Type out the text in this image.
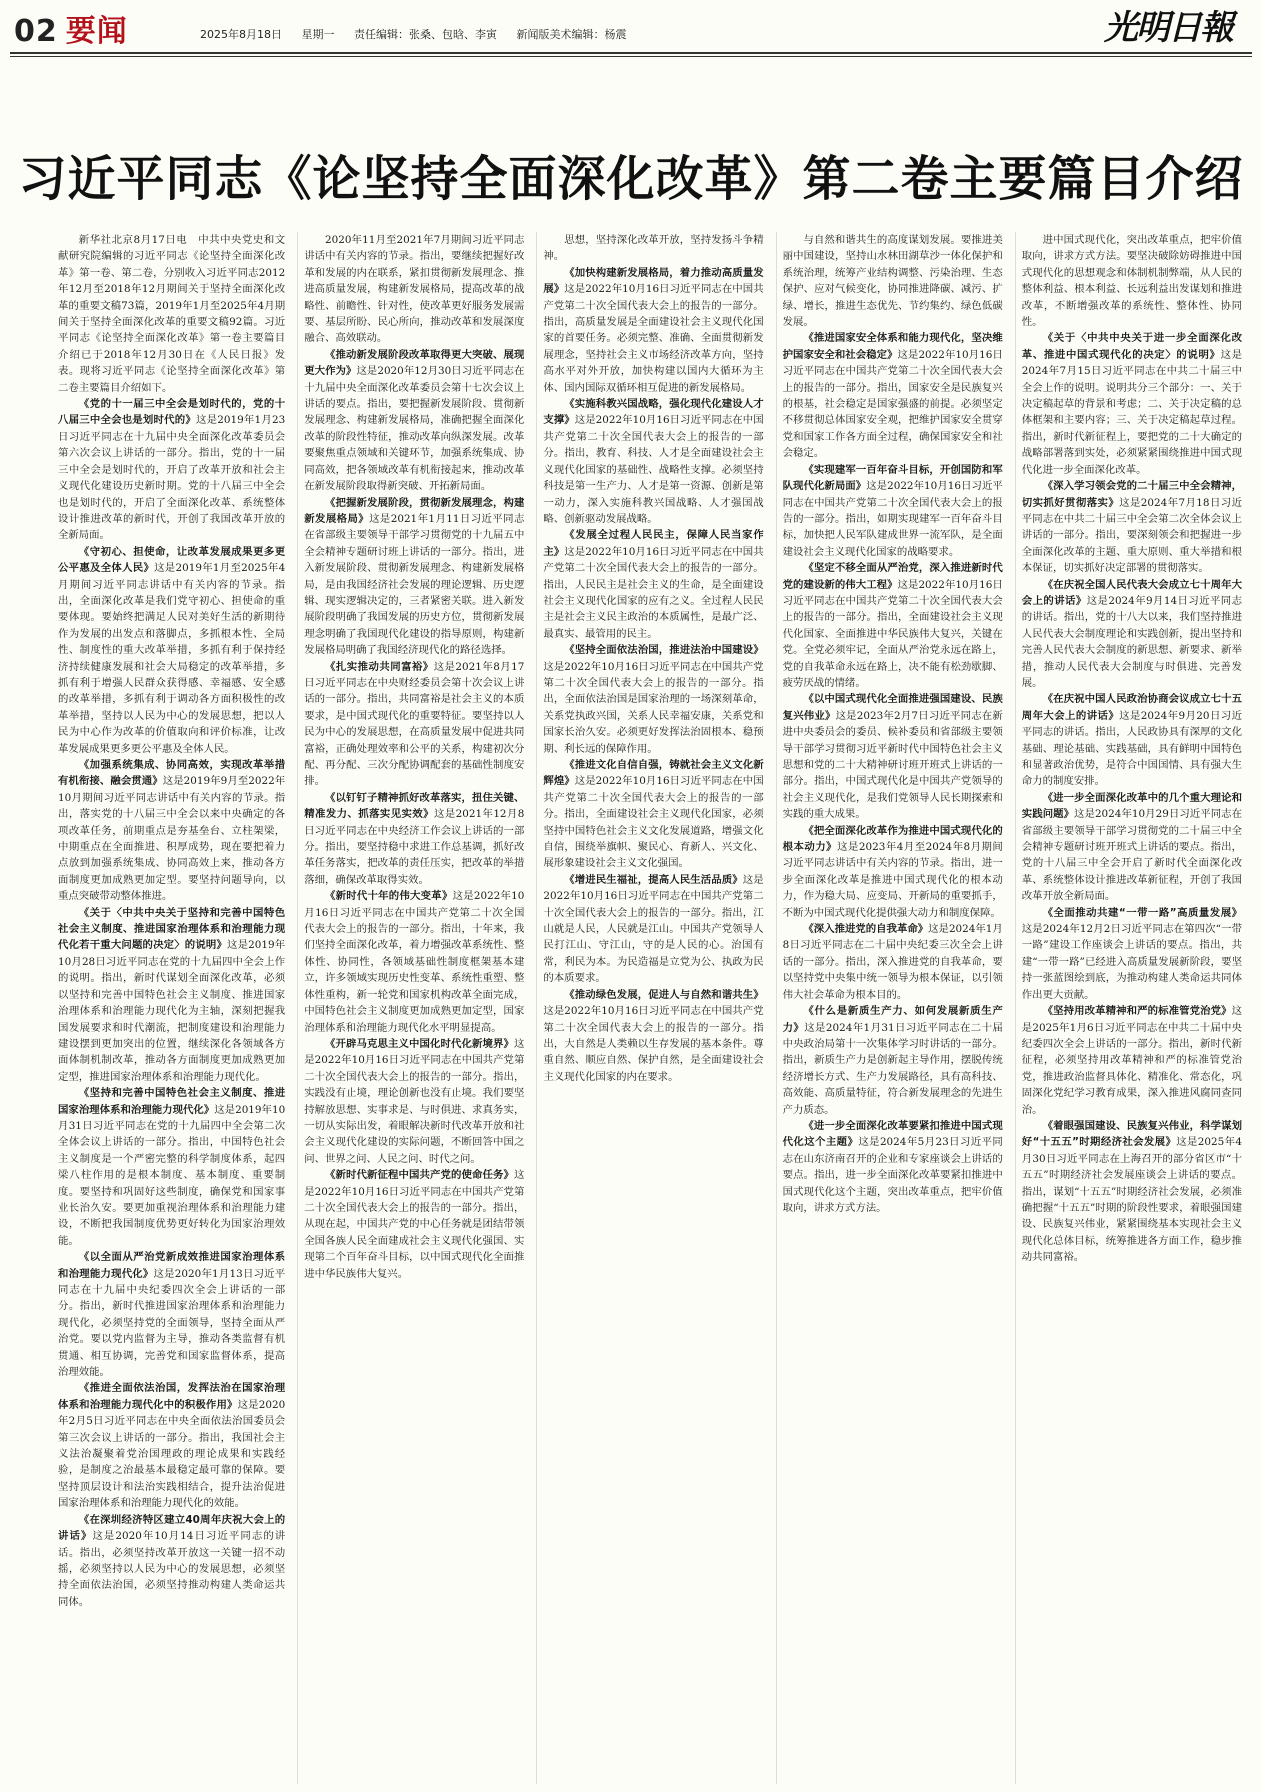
02 要闻	2025年8月18日 星期一 责任编辑：张桑、包晗、李寅 新闻版美术编辑：杨震	光明日報
习近平同志《论坚持全面深化改革》第二卷主要篇目介绍

新华社北京8月17日电　中共中央党史和文献研究院编辑的习近平同志《论坚持全面深化改革》第一卷、第二卷，分别收入习近平同志2012年12月至2018年12月期间关于坚持全面深化改革的重要文稿73篇，2019年1月至2025年4月期间关于坚持全面深化改革的重要文稿92篇。习近平同志《论坚持全面深化改革》第一卷主要篇目介绍已于2018年12月30日在《人民日报》发表。现将习近平同志《论坚持全面深化改革》第二卷主要篇目介绍如下。

《党的十一届三中全会是划时代的，党的十八届三中全会也是划时代的》这是2019年1月23日习近平同志在十九届中央全面深化改革委员会第六次会议上讲话的一部分。指出，党的十一届三中全会是划时代的，开启了改革开放和社会主义现代化建设历史新时期。党的十八届三中全会也是划时代的，开启了全面深化改革、系统整体设计推进改革的新时代，开创了我国改革开放的全新局面。

《守初心、担使命，让改革发展成果更多更公平惠及全体人民》这是2019年1月至2025年4月期间习近平同志讲话中有关内容的节录。指出，全面深化改革是我们党守初心、担使命的重要体现。要始终把满足人民对美好生活的新期待作为发展的出发点和落脚点，多抓根本性、全局性、制度性的重大改革举措，多抓有利于保持经济持续健康发展和社会大局稳定的改革举措，多抓有利于增强人民群众获得感、幸福感、安全感的改革举措，多抓有利于调动各方面积极性的改革举措，坚持以人民为中心的发展思想，把以人民为中心作为改革的价值取向和评价标准，让改革发展成果更多更公平惠及全体人民。

《加强系统集成、协同高效，实现改革举措有机衔接、融会贯通》这是2019年9月至2022年10月期间习近平同志讲话中有关内容的节录。指出，落实党的十八届三中全会以来中央确定的各项改革任务，前期重点是夯基垒台、立柱架梁，中期重点在全面推进、积厚成势，现在要把着力点放到加强系统集成、协同高效上来，推动各方面制度更加成熟更加定型。要坚持问题导向，以重点突破带动整体推进。

《关于〈中共中央关于坚持和完善中国特色社会主义制度、推进国家治理体系和治理能力现代化若干重大问题的决定〉的说明》这是2019年10月28日习近平同志在党的十九届四中全会上作的说明。指出，新时代谋划全面深化改革，必须以坚持和完善中国特色社会主义制度、推进国家治理体系和治理能力现代化为主轴，深刻把握我国发展要求和时代潮流，把制度建设和治理能力建设摆到更加突出的位置，继续深化各领域各方面体制机制改革，推动各方面制度更加成熟更加定型，推进国家治理体系和治理能力现代化。

《坚持和完善中国特色社会主义制度、推进国家治理体系和治理能力现代化》这是2019年10月31日习近平同志在党的十九届四中全会第二次全体会议上讲话的一部分。指出，中国特色社会主义制度是一个严密完整的科学制度体系，起四梁八柱作用的是根本制度、基本制度、重要制度。要坚持和巩固好这些制度，确保党和国家事业长治久安。要更加重视治理体系和治理能力建设，不断把我国制度优势更好转化为国家治理效能。

《以全面从严治党新成效推进国家治理体系和治理能力现代化》这是2020年1月13日习近平同志在十九届中央纪委四次全会上讲话的一部分。指出，新时代推进国家治理体系和治理能力现代化，必须坚持党的全面领导，坚持全面从严治党。要以党内监督为主导，推动各类监督有机贯通、相互协调，完善党和国家监督体系，提高治理效能。

《推进全面依法治国，发挥法治在国家治理体系和治理能力现代化中的积极作用》这是2020年2月5日习近平同志在中央全面依法治国委员会第三次会议上讲话的一部分。指出，我国社会主义法治凝聚着党治国理政的理论成果和实践经验，是制度之治最基本最稳定最可靠的保障。要坚持顶层设计和法治实践相结合，提升法治促进国家治理体系和治理能力现代化的效能。

《在深圳经济特区建立40周年庆祝大会上的讲话》这是2020年10月14日习近平同志的讲话。指出，必须坚持改革开放这一关键一招不动摇，必须坚持以人民为中心的发展思想，必须坚持全面依法治国，必须坚持推动构建人类命运共同体。

2020年11月至2021年7月期间习近平同志讲话中有关内容的节录。指出，要继续把握好改革和发展的内在联系，紧扣贯彻新发展理念、推进高质量发展，构建新发展格局，提高改革的战略性、前瞻性、针对性，使改革更好服务发展需要、基层所盼、民心所向，推动改革和发展深度融合、高效联动。

《推动新发展阶段改革取得更大突破、展现更大作为》这是2020年12月30日习近平同志在十九届中央全面深化改革委员会第十七次会议上讲话的要点。指出，要把握新发展阶段、贯彻新发展理念、构建新发展格局，准确把握全面深化改革的阶段性特征，推动改革向纵深发展。改革要聚焦重点领域和关键环节，加强系统集成、协同高效，把各领域改革有机衔接起来，推动改革在新发展阶段取得新突破、开拓新局面。

《把握新发展阶段，贯彻新发展理念，构建新发展格局》这是2021年1月11日习近平同志在省部级主要领导干部学习贯彻党的十九届五中全会精神专题研讨班上讲话的一部分。指出，进入新发展阶段、贯彻新发展理念、构建新发展格局，是由我国经济社会发展的理论逻辑、历史逻辑、现实逻辑决定的，三者紧密关联。进入新发展阶段明确了我国发展的历史方位，贯彻新发展理念明确了我国现代化建设的指导原则，构建新发展格局明确了我国经济现代化的路径选择。

《扎实推动共同富裕》这是2021年8月17日习近平同志在中央财经委员会第十次会议上讲话的一部分。指出，共同富裕是社会主义的本质要求，是中国式现代化的重要特征。要坚持以人民为中心的发展思想，在高质量发展中促进共同富裕，正确处理效率和公平的关系，构建初次分配、再分配、三次分配协调配套的基础性制度安排。

《以钉钉子精神抓好改革落实，扭住关键、精准发力、抓落实见实效》这是2021年12月8日习近平同志在中央经济工作会议上讲话的一部分。指出，要坚持稳中求进工作总基调，抓好改革任务落实，把改革的责任压实，把改革的举措落细，确保改革取得实效。

《新时代十年的伟大变革》这是2022年10月16日习近平同志在中国共产党第二十次全国代表大会上的报告的一部分。指出，十年来，我们坚持全面深化改革，着力增强改革系统性、整体性、协同性，各领域基础性制度框架基本建立，许多领域实现历史性变革、系统性重塑、整体性重构，新一轮党和国家机构改革全面完成，中国特色社会主义制度更加成熟更加定型，国家治理体系和治理能力现代化水平明显提高。

《开辟马克思主义中国化时代化新境界》这是2022年10月16日习近平同志在中国共产党第二十次全国代表大会上的报告的一部分。指出，实践没有止境，理论创新也没有止境。我们要坚持解放思想、实事求是、与时俱进、求真务实，一切从实际出发，着眼解决新时代改革开放和社会主义现代化建设的实际问题，不断回答中国之问、世界之问、人民之问、时代之问。

《新时代新征程中国共产党的使命任务》这是2022年10月16日习近平同志在中国共产党第二十次全国代表大会上的报告的一部分。指出，从现在起，中国共产党的中心任务就是团结带领全国各族人民全面建成社会主义现代化强国、实现第二个百年奋斗目标，以中国式现代化全面推进中华民族伟大复兴。

思想，坚持深化改革开放，坚持发扬斗争精神。

《加快构建新发展格局，着力推动高质量发展》这是2022年10月16日习近平同志在中国共产党第二十次全国代表大会上的报告的一部分。指出，高质量发展是全面建设社会主义现代化国家的首要任务。必须完整、准确、全面贯彻新发展理念，坚持社会主义市场经济改革方向，坚持高水平对外开放，加快构建以国内大循环为主体、国内国际双循环相互促进的新发展格局。

《实施科教兴国战略，强化现代化建设人才支撑》这是2022年10月16日习近平同志在中国共产党第二十次全国代表大会上的报告的一部分。指出，教育、科技、人才是全面建设社会主义现代化国家的基础性、战略性支撑。必须坚持科技是第一生产力、人才是第一资源、创新是第一动力，深入实施科教兴国战略、人才强国战略、创新驱动发展战略。

《发展全过程人民民主，保障人民当家作主》这是2022年10月16日习近平同志在中国共产党第二十次全国代表大会上的报告的一部分。指出，人民民主是社会主义的生命，是全面建设社会主义现代化国家的应有之义。全过程人民民主是社会主义民主政治的本质属性，是最广泛、最真实、最管用的民主。

《坚持全面依法治国，推进法治中国建设》这是2022年10月16日习近平同志在中国共产党第二十次全国代表大会上的报告的一部分。指出，全面依法治国是国家治理的一场深刻革命，关系党执政兴国，关系人民幸福安康，关系党和国家长治久安。必须更好发挥法治固根本、稳预期、利长远的保障作用。

《推进文化自信自强，铸就社会主义文化新辉煌》这是2022年10月16日习近平同志在中国共产党第二十次全国代表大会上的报告的一部分。指出，全面建设社会主义现代化国家，必须坚持中国特色社会主义文化发展道路，增强文化自信，围绕举旗帜、聚民心、育新人、兴文化、展形象建设社会主义文化强国。

《增进民生福祉，提高人民生活品质》这是2022年10月16日习近平同志在中国共产党第二十次全国代表大会上的报告的一部分。指出，江山就是人民，人民就是江山。中国共产党领导人民打江山、守江山，守的是人民的心。治国有常，利民为本。为民造福是立党为公、执政为民的本质要求。

《推动绿色发展，促进人与自然和谐共生》这是2022年10月16日习近平同志在中国共产党第二十次全国代表大会上的报告的一部分。指出，大自然是人类赖以生存发展的基本条件。尊重自然、顺应自然、保护自然，是全面建设社会主义现代化国家的内在要求。

与自然和谐共生的高度谋划发展。要推进美丽中国建设，坚持山水林田湖草沙一体化保护和系统治理，统筹产业结构调整、污染治理、生态保护、应对气候变化，协同推进降碳、减污、扩绿、增长，推进生态优先、节约集约、绿色低碳发展。

《推进国家安全体系和能力现代化，坚决维护国家安全和社会稳定》这是2022年10月16日习近平同志在中国共产党第二十次全国代表大会上的报告的一部分。指出，国家安全是民族复兴的根基，社会稳定是国家强盛的前提。必须坚定不移贯彻总体国家安全观，把维护国家安全贯穿党和国家工作各方面全过程，确保国家安全和社会稳定。

《实现建军一百年奋斗目标，开创国防和军队现代化新局面》这是2022年10月16日习近平同志在中国共产党第二十次全国代表大会上的报告的一部分。指出，如期实现建军一百年奋斗目标，加快把人民军队建成世界一流军队，是全面建设社会主义现代化国家的战略要求。

《坚定不移全面从严治党，深入推进新时代党的建设新的伟大工程》这是2022年10月16日习近平同志在中国共产党第二十次全国代表大会上的报告的一部分。指出，全面建设社会主义现代化国家、全面推进中华民族伟大复兴，关键在党。全党必须牢记，全面从严治党永远在路上，党的自我革命永远在路上，决不能有松劲歇脚、疲劳厌战的情绪。

《以中国式现代化全面推进强国建设、民族复兴伟业》这是2023年2月7日习近平同志在新进中央委员会的委员、候补委员和省部级主要领导干部学习贯彻习近平新时代中国特色社会主义思想和党的二十大精神研讨班开班式上讲话的一部分。指出，中国式现代化是中国共产党领导的社会主义现代化，是我们党领导人民长期探索和实践的重大成果。

《把全面深化改革作为推进中国式现代化的根本动力》这是2023年4月至2024年8月期间习近平同志讲话中有关内容的节录。指出，进一步全面深化改革是推进中国式现代化的根本动力，作为稳大局、应变局、开新局的重要抓手，不断为中国式现代化提供强大动力和制度保障。

《深入推进党的自我革命》这是2024年1月8日习近平同志在二十届中央纪委三次全会上讲话的一部分。指出，深入推进党的自我革命，要以坚持党中央集中统一领导为根本保证，以引领伟大社会革命为根本目的。

《什么是新质生产力、如何发展新质生产力》这是2024年1月31日习近平同志在二十届中央政治局第十一次集体学习时讲话的一部分。指出，新质生产力是创新起主导作用，摆脱传统经济增长方式、生产力发展路径，具有高科技、高效能、高质量特征，符合新发展理念的先进生产力质态。

《进一步全面深化改革要紧扣推进中国式现代化这个主题》这是2024年5月23日习近平同志在山东济南召开的企业和专家座谈会上讲话的要点。指出，进一步全面深化改革要紧扣推进中国式现代化这个主题，突出改革重点，把牢价值取向，讲求方式方法。

进中国式现代化，突出改革重点，把牢价值取向，讲求方式方法。要坚决破除妨碍推进中国式现代化的思想观念和体制机制弊端，从人民的整体利益、根本利益、长远利益出发谋划和推进改革，不断增强改革的系统性、整体性、协同性。

《关于〈中共中央关于进一步全面深化改革、推进中国式现代化的决定〉的说明》这是2024年7月15日习近平同志在中共二十届三中全会上作的说明。说明共分三个部分：一、关于决定稿起草的背景和考虑；二、关于决定稿的总体框架和主要内容；三、关于决定稿起草过程。指出，新时代新征程上，要把党的二十大确定的战略部署落到实处，必须紧紧围绕推进中国式现代化进一步全面深化改革。

《深入学习领会党的二十届三中全会精神，切实抓好贯彻落实》这是2024年7月18日习近平同志在中共二十届三中全会第二次全体会议上讲话的一部分。指出，要深刻领会和把握进一步全面深化改革的主题、重大原则、重大举措和根本保证，切实抓好决定部署的贯彻落实。

《在庆祝全国人民代表大会成立七十周年大会上的讲话》这是2024年9月14日习近平同志的讲话。指出，党的十八大以来，我们坚持推进人民代表大会制度理论和实践创新，提出坚持和完善人民代表大会制度的新思想、新要求、新举措，推动人民代表大会制度与时俱进、完善发展。

《在庆祝中国人民政治协商会议成立七十五周年大会上的讲话》这是2024年9月20日习近平同志的讲话。指出，人民政协具有深厚的文化基础、理论基础、实践基础，具有鲜明中国特色和显著政治优势，是符合中国国情、具有强大生命力的制度安排。

《进一步全面深化改革中的几个重大理论和实践问题》这是2024年10月29日习近平同志在省部级主要领导干部学习贯彻党的二十届三中全会精神专题研讨班开班式上讲话的要点。指出，党的十八届三中全会开启了新时代全面深化改革、系统整体设计推进改革新征程，开创了我国改革开放全新局面。

《全面推动共建“一带一路”高质量发展》这是2024年12月2日习近平同志在第四次“一带一路”建设工作座谈会上讲话的要点。指出，共建“一带一路”已经进入高质量发展新阶段，要坚持一张蓝图绘到底，为推动构建人类命运共同体作出更大贡献。

《坚持用改革精神和严的标准管党治党》这是2025年1月6日习近平同志在中共二十届中央纪委四次全会上讲话的一部分。指出，新时代新征程，必须坚持用改革精神和严的标准管党治党，推进政治监督具体化、精准化、常态化，巩固深化党纪学习教育成果，深入推进风腐同查同治。

《着眼强国建设、民族复兴伟业，科学谋划好“十五五”时期经济社会发展》这是2025年4月30日习近平同志在上海召开的部分省区市“十五五”时期经济社会发展座谈会上讲话的要点。指出，谋划“十五五”时期经济社会发展，必须准确把握“十五五”时期的阶段性要求，着眼强国建设、民族复兴伟业，紧紧围绕基本实现社会主义现代化总体目标，统筹推进各方面工作，稳步推动共同富裕。
